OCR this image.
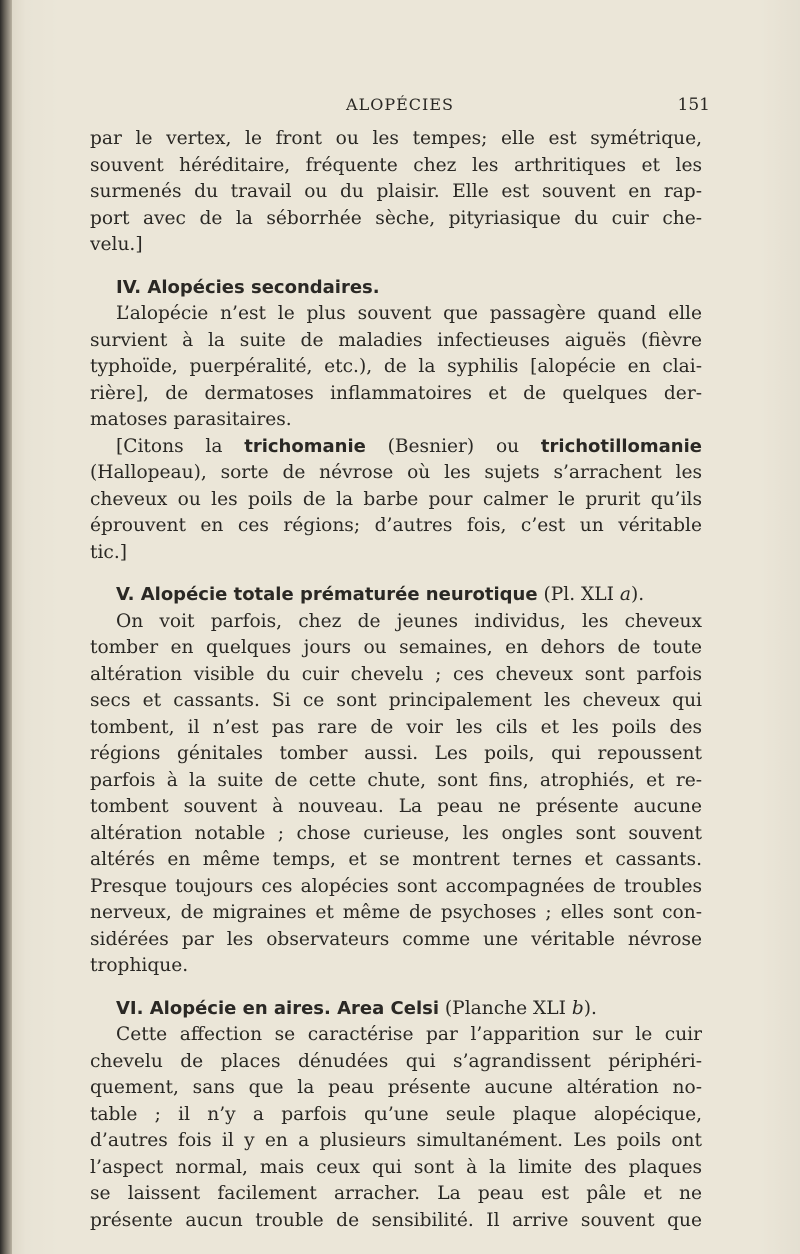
ALOPÉCIES	151
par le vertex, le front ou les tempes; elle est symétrique,
souvent héréditaire, fréquente chez les arthritiques et les
surmenés du travail ou du plaisir. Elle est souvent en rap-
port avec de la séborrhée sèche, pityriasique du cuir che-
velu.]
IV. Alopécies secondaires.
L’alopécie n’est le plus souvent que passagère quand elle
survient à la suite de maladies infectieuses aiguës (fièvre
typhoïde, puerpéralité, etc.), de la syphilis [alopécie en clai-
rière], de dermatoses inflammatoires et de quelques der-
matoses parasitaires.
[Citons la trichomanie (Besnier) ou trichotillomanie
(Hallopeau), sorte de névrose où les sujets s’arrachent les
cheveux ou les poils de la barbe pour calmer le prurit qu’ils
éprouvent en ces régions; d’autres fois, c’est un véritable
tic.]
V. Alopécie totale prématurée neurotique (Pl. XLI a).
On voit parfois, chez de jeunes individus, les cheveux
tomber en quelques jours ou semaines, en dehors de toute
altération visible du cuir chevelu ; ces cheveux sont parfois
secs et cassants. Si ce sont principalement les cheveux qui
tombent, il n’est pas rare de voir les cils et les poils des
régions génitales tomber aussi. Les poils, qui repoussent
parfois à la suite de cette chute, sont fins, atrophiés, et re-
tombent souvent à nouveau. La peau ne présente aucune
altération notable ; chose curieuse, les ongles sont souvent
altérés en même temps, et se montrent ternes et cassants.
Presque toujours ces alopécies sont accompagnées de troubles
nerveux, de migraines et même de psychoses ; elles sont con-
sidérées par les observateurs comme une véritable névrose
trophique.
VI. Alopécie en aires. Area Celsi (Planche XLI b).
Cette affection se caractérise par l’apparition sur le cuir
chevelu de places dénudées qui s’agrandissent périphéri-
quement, sans que la peau présente aucune altération no-
table ; il n’y a parfois qu’une seule plaque alopécique,
d’autres fois il y en a plusieurs simultanément. Les poils ont
l’aspect normal, mais ceux qui sont à la limite des plaques
se laissent facilement arracher. La peau est pâle et ne
présente aucun trouble de sensibilité. Il arrive souvent que
